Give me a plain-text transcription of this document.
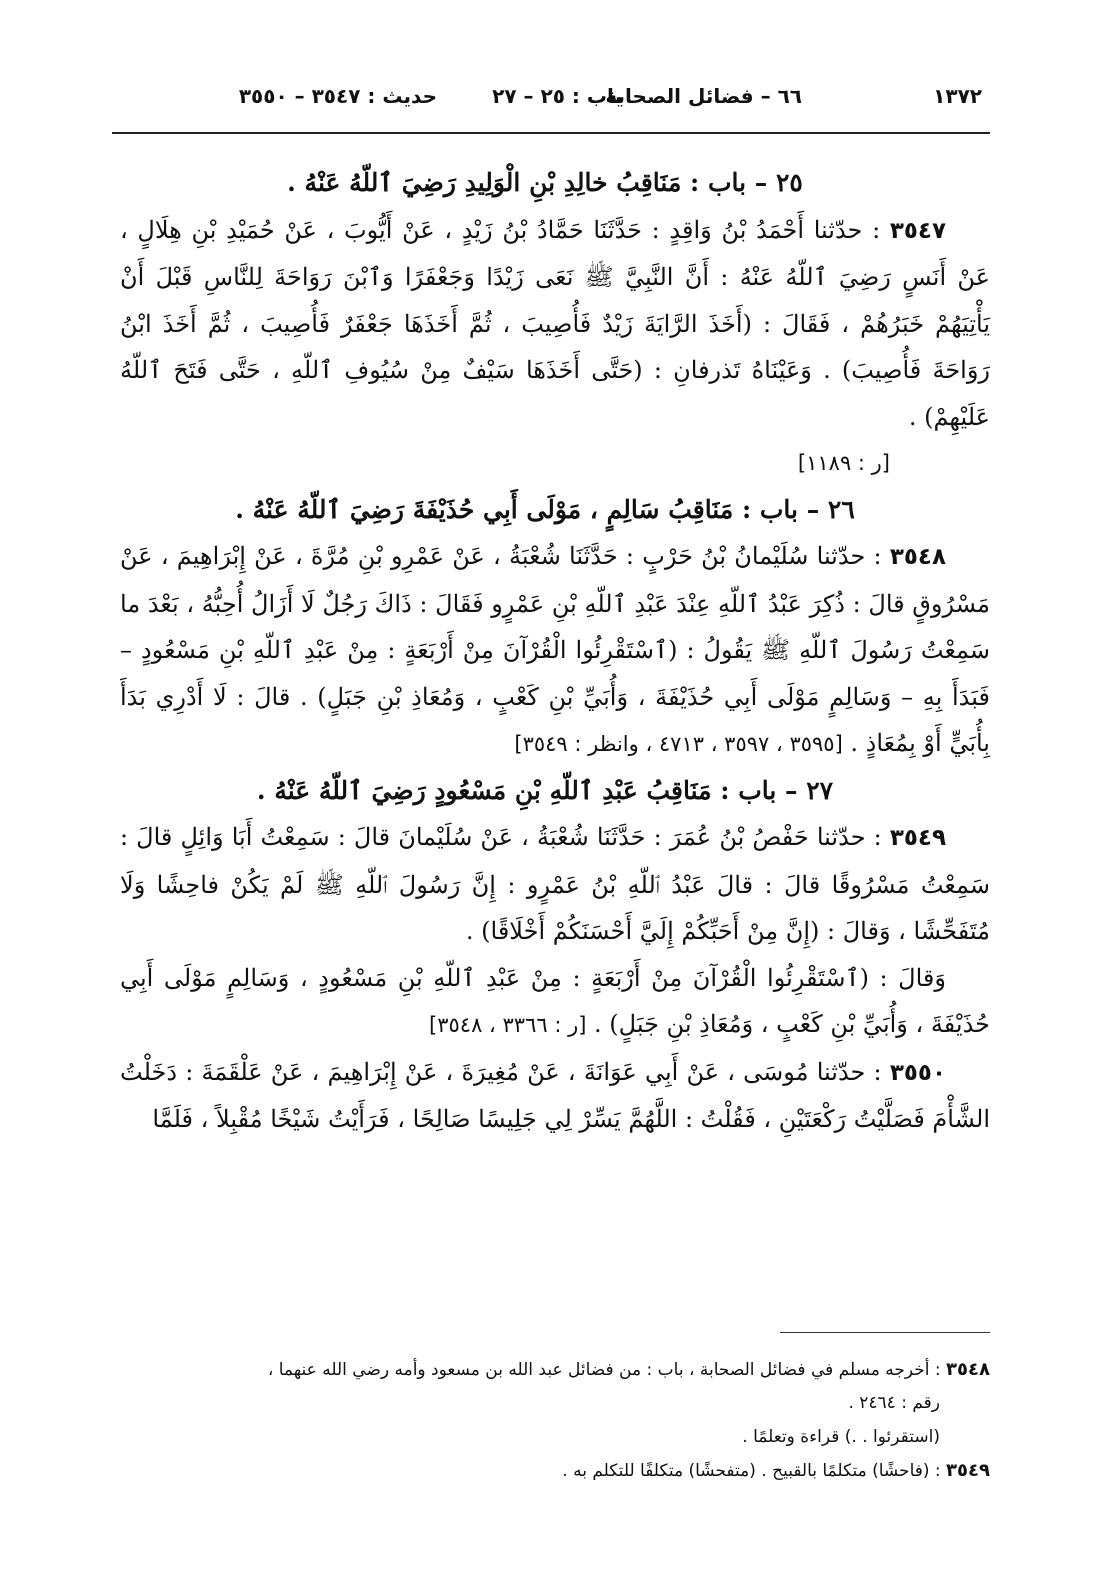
١٣٧٢
٦٦ – فضائل الصحابة
باب : ٢٥ – ٢٧
حديث : ٣٥٤٧ – ٣٥٥٠

٢٥ – باب : مَنَاقِبُ خالِدِ بْنِ الْوَلِيدِ رَضِيَ ٱللّهُ عَنْهُ .

٣٥٤٧ : حدّثنا أَحْمَدُ بْنُ وَاقِدٍ : حَدَّثَنَا حَمَّادُ بْنُ زَيْدٍ ، عَنْ أَيُّوبَ ، عَنْ حُمَيْدِ بْنِ هِلَالٍ ، عَنْ أَنَسٍ رَضِيَ ٱللّهُ عَنْهُ : أَنَّ النَّبِيَّ ﷺ نَعَى زَيْدًا وَجَعْفَرًا وَٱبْنَ رَوَاحَةَ لِلنَّاسِ قَبْلَ أَنْ يَأْتِيَهُمْ خَبَرُهُمْ ، فَقَالَ : (أَخَذَ الرَّايَةَ زَيْدٌ فَأُصِيبَ ، ثُمَّ أَخَذَهَا جَعْفَرٌ فَأُصِيبَ ، ثُمَّ أَخَذَ ابْنُ رَوَاحَةَ فَأُصِيبَ) . وَعَيْنَاهُ تَذرفانِ : (حَتَّى أَخَذَهَا سَيْفٌ مِنْ سُيُوفِ ٱللّهِ ، حَتَّى فَتَحَ ٱللّهُ عَلَيْهِمْ) .

[ر : ١١٨٩]

٢٦ – باب : مَنَاقِبُ سَالِمٍ ، مَوْلَى أَبِي حُذَيْفَةَ رَضِيَ ٱللّهُ عَنْهُ .

٣٥٤٨ : حدّثنا سُلَيْمانُ بْنُ حَرْبٍ : حَدَّثَنَا شُعْبَةُ ، عَنْ عَمْرِو بْنِ مُرَّةَ ، عَنْ إِبْرَاهِيمَ ، عَنْ مَسْرُوقٍ قالَ : ذُكِرَ عَبْدُ ٱللّهِ عِنْدَ عَبْدِ ٱللّهِ بْنِ عَمْرٍو فَقَالَ : ذَاكَ رَجُلٌ لَا أَزَالُ أُحِبُّهُ ، بَعْدَ ما سَمِعْتُ رَسُولَ ٱللّهِ ﷺ يَقُولُ : (ٱسْتَقْرِئُوا الْقُرْآنَ مِنْ أَرْبَعَةٍ : مِنْ عَبْدِ ٱللّهِ بْنِ مَسْعُودٍ – فَبَدَأَ بِهِ – وَسَالِمٍ مَوْلَى أَبِي حُذَيْفَةَ ، وَأُبَيِّ بْنِ كَعْبٍ ، وَمُعَاذِ بْنِ جَبَلٍ) . قالَ : لَا أَدْرِي بَدَأَ بِأُبَيٍّ أَوْ بِمُعَاذٍ . [٣٥٩٥ ، ٣٥٩٧ ، ٤٧١٣ ، وانظر : ٣٥٤٩]

٢٧ – باب : مَنَاقِبُ عَبْدِ ٱللّهِ بْنِ مَسْعُودٍ رَضِيَ ٱللّهُ عَنْهُ .

٣٥٤٩ : حدّثنا حَفْصُ بْنُ عُمَرَ : حَدَّثَنَا شُعْبَةُ ، عَنْ سُلَيْمانَ قالَ : سَمِعْتُ أَبَا وَائِلٍ قالَ : سَمِعْتُ مَسْرُوقًا قالَ : قالَ عَبْدُ ٱللّهِ بْنُ عَمْرٍو : إِنَّ رَسُولَ ٱللّهِ ﷺ لَمْ يَكُنْ فاحِشًا وَلَا مُتَفَحِّشًا ، وَقالَ : (إِنَّ مِنْ أَحَبِّكُمْ إِلَيَّ أَحْسَنَكُمْ أَخْلَاقًا) .

وَقالَ : (ٱسْتَقْرِئُوا الْقُرْآنَ مِنْ أَرْبَعَةٍ : مِنْ عَبْدِ ٱللّهِ بْنِ مَسْعُودٍ ، وَسَالِمٍ مَوْلَى أَبِي حُذَيْفَةَ ، وَأُبَيِّ بْنِ كَعْبٍ ، وَمُعَاذِ بْنِ جَبَلٍ) . [ر : ٣٣٦٦ ، ٣٥٤٨]

٣٥٥٠ : حدّثنا مُوسَى ، عَنْ أَبِي عَوَانَةَ ، عَنْ مُغِيرَةَ ، عَنْ إِبْرَاهِيمَ ، عَنْ عَلْقَمَةَ : دَخَلْتُ الشَّأْمَ فَصَلَّيْتُ رَكْعَتَيْنِ ، فَقُلْتُ : اللَّهُمَّ يَسِّرْ لِي جَلِيسًا صَالِحًا ، فَرَأَيْتُ شَيْخًا مُقْبِلاً ، فَلَمَّا

٣٥٤٨ : أخرجه مسلم في فضائل الصحابة ، باب : من فضائل عبد الله بن مسعود وأمه رضي الله عنهما ،

رقم : ٢٤٦٤ .

(استقرئوا . .) قراءة وتعلمًا .

٣٥٤٩ : (فاحشًا) متكلمًا بالقبيح . (متفحشًا) متكلفًا للتكلم به .
